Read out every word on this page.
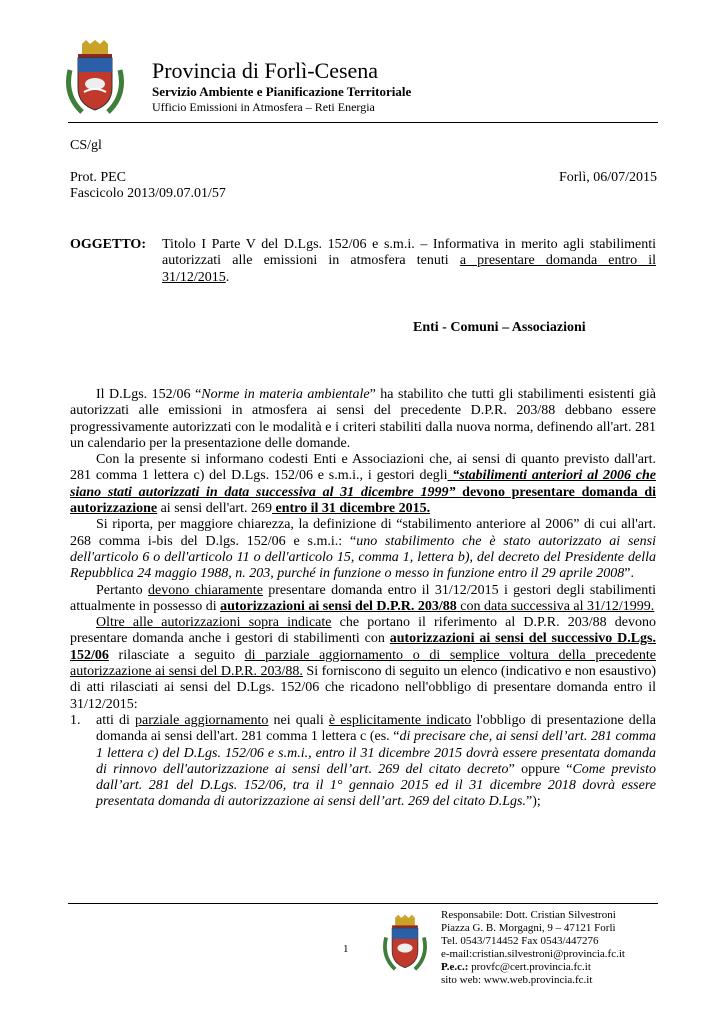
Provincia di Forlì-Cesena
Servizio Ambiente e Pianificazione Territoriale
Ufficio Emissioni in Atmosfera – Reti Energia
CS/gl
Prot. PEC	Forlì, 06/07/2015
Fascicolo 2013/09.07.01/57
OGGETTO: Titolo I Parte V del D.Lgs. 152/06 e s.m.i. – Informativa in merito agli stabilimenti
autorizzati alle emissioni in atmosfera tenuti a presentare domanda entro il
31/12/2015.
Enti - Comuni – Associazioni

Il D.Lgs. 152/06 “Norme in materia ambientale” ha stabilito che tutti gli stabilimenti esistenti già autorizzati alle emissioni in atmosfera ai sensi del precedente D.P.R. 203/88 debbano essere progressivamente autorizzati con le modalità e i criteri stabiliti dalla nuova norma, definendo all'art. 281 un calendario per la presentazione delle domande.

Con la presente si informano codesti Enti e Associazioni che, ai sensi di quanto previsto dall'art. 281 comma 1 lettera c) del D.Lgs. 152/06 e s.m.i., i gestori degli “stabilimenti anteriori al 2006 che siano stati autorizzati in data successiva al 31 dicembre 1999” devono presentare domanda di autorizzazione ai sensi dell'art. 269 entro il 31 dicembre 2015.

Si riporta, per maggiore chiarezza, la definizione di “stabilimento anteriore al 2006” di cui all'art. 268 comma i-bis del D.lgs. 152/06 e s.m.i.: “uno stabilimento che è stato autorizzato ai sensi dell'articolo 6 o dell'articolo 11 o dell'articolo 15, comma 1, lettera b), del decreto del Presidente della Repubblica 24 maggio 1988, n. 203, purché in funzione o messo in funzione entro il 29 aprile 2008”.

Pertanto devono chiaramente presentare domanda entro il 31/12/2015 i gestori degli stabilimenti attualmente in possesso di autorizzazioni ai sensi del D.P.R. 203/88 con data successiva al 31/12/1999.

Oltre alle autorizzazioni sopra indicate che portano il riferimento al D.P.R. 203/88 devono presentare domanda anche i gestori di stabilimenti con autorizzazioni ai sensi del successivo D.Lgs. 152/06 rilasciate a seguito di parziale aggiornamento o di semplice voltura della precedente autorizzazione ai sensi del D.P.R. 203/88. Si forniscono di seguito un elenco (indicativo e non esaustivo) di atti rilasciati ai sensi del D.Lgs. 152/06 che ricadono nell'obbligo di presentare domanda entro il 31/12/2015:

1. atti di parziale aggiornamento nei quali è esplicitamente indicato l'obbligo di presentazione della domanda ai sensi dell'art. 281 comma 1 lettera c (es. “di precisare che, ai sensi dell’art. 281 comma 1 lettera c) del D.Lgs. 152/06 e s.m.i., entro il 31 dicembre 2015 dovrà essere presentata domanda di rinnovo dell'autorizzazione ai sensi dell’art. 269 del citato decreto” oppure “Come previsto dall’art. 281 del D.Lgs. 152/06, tra il 1° gennaio 2015 ed il 31 dicembre 2018 dovrà essere presentata domanda di autorizzazione ai sensi dell’art. 269 del citato D.Lgs.”);
1
Responsabile: Dott. Cristian Silvestroni
Piazza G. B. Morgagni, 9 – 47121 Forlì
Tel. 0543/714452 Fax 0543/447276
e-mail:cristian.silvestroni@provincia.fc.it
P.e.c.: provfc@cert.provincia.fc.it
sito web: www.web.provincia.fc.it
